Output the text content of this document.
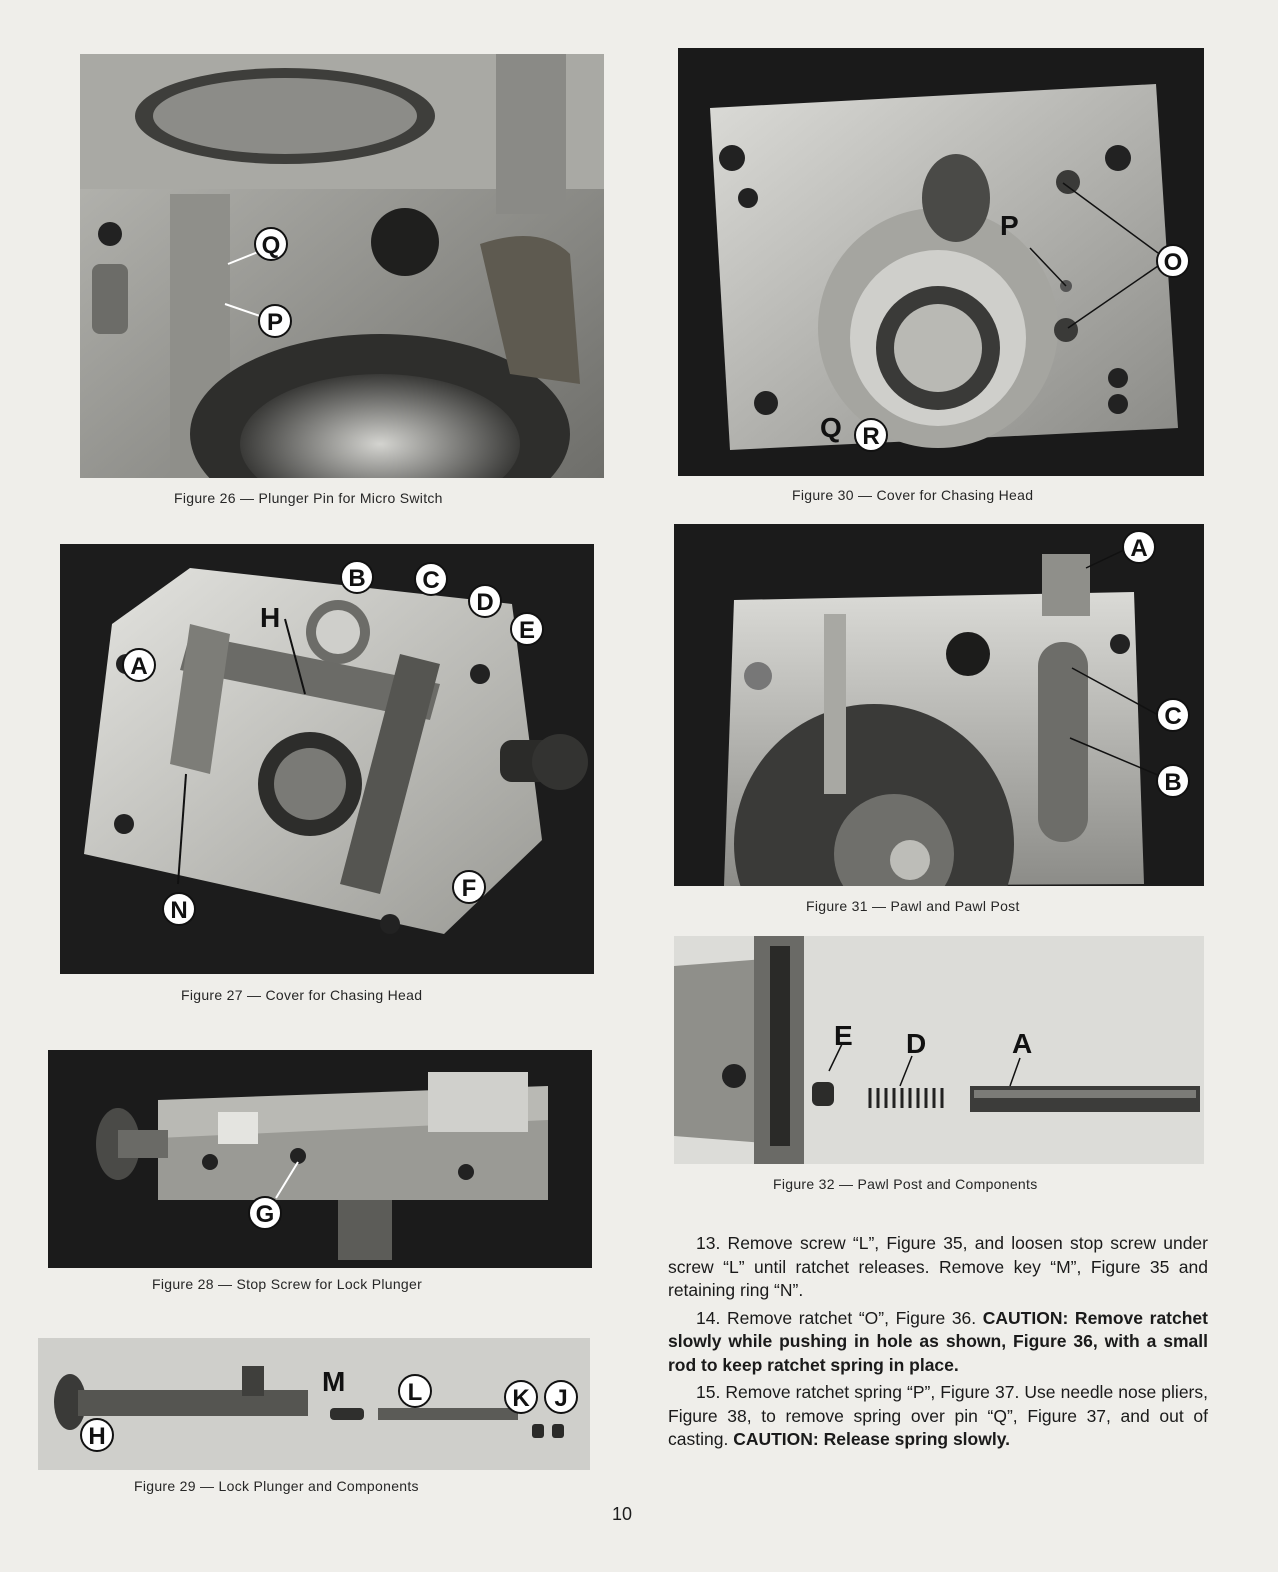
Q
P
Figure 26 — Plunger Pin for Micro Switch
P
O
Q R
Figure 30 — Cover for Chasing Head
A
H
B	C
D
E
F
N
Figure 27 — Cover for Chasing Head
A
C
B
Figure 31 — Pawl and Pawl Post
G
Figure 28 — Stop Screw for Lock Plunger
E D	A
Figure 32 — Pawl Post and Components
H
M	L	K	J
Figure 29 — Lock Plunger and Components

13. Remove screw “L”, Figure 35, and loosen stop screw under screw “L” until ratchet releases. Remove key “M”, Figure 35 and retaining ring “N”.

14. Remove ratchet “O”, Figure 36. CAUTION: Remove ratchet slowly while pushing in hole as shown, Figure 36, with a small rod to keep ratchet spring in place.

15. Remove ratchet spring “P”, Figure 37. Use needle nose pliers, Figure 38, to remove spring over pin “Q”, Figure 37, and out of casting. CAUTION: Release spring slowly.

10
